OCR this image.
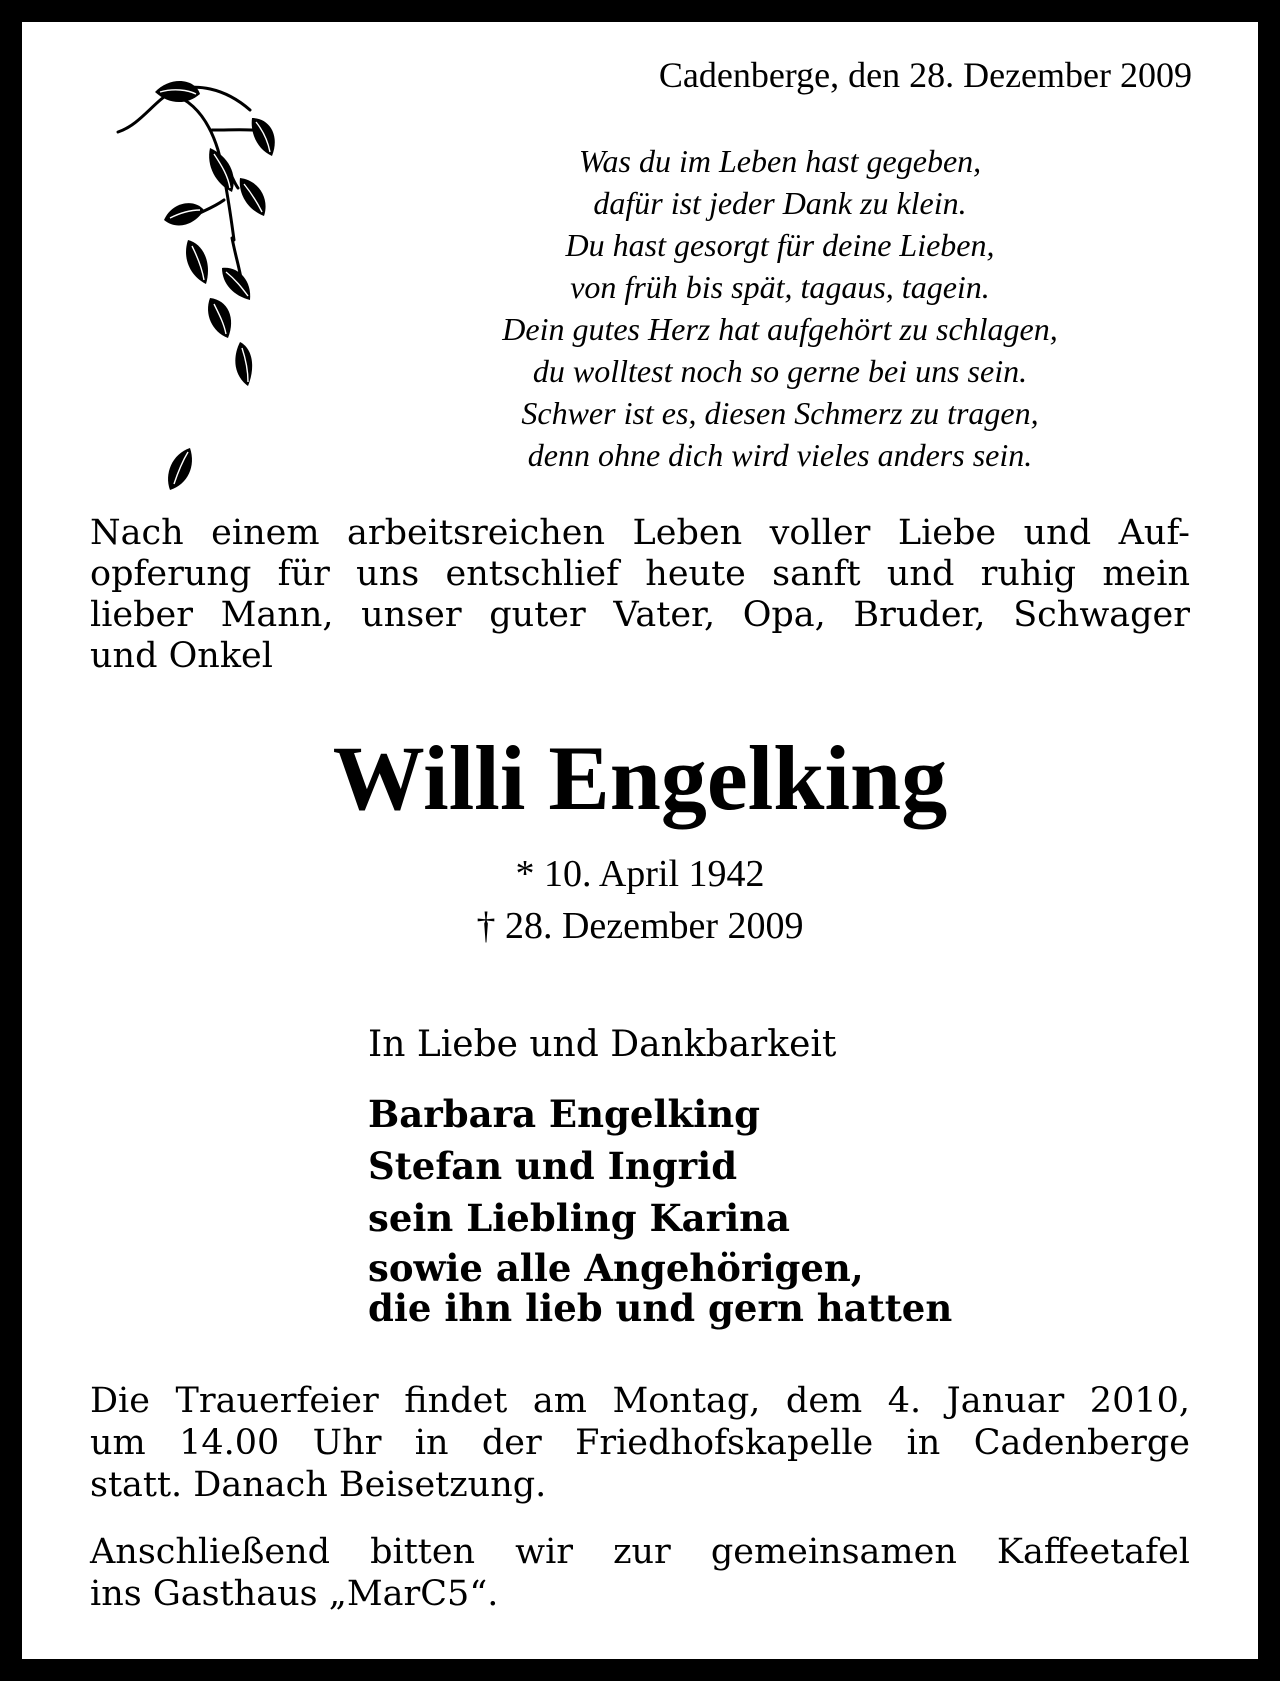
Cadenberge, den 28. Dezember 2009
Was du im Leben hast gegeben,
dafür ist jeder Dank zu klein.
Du hast gesorgt für deine Lieben,
von früh bis spät, tagaus, tagein.
Dein gutes Herz hat aufgehört zu schlagen,
du wolltest noch so gerne bei uns sein.
Schwer ist es, diesen Schmerz zu tragen,
denn ohne dich wird vieles anders sein.
Nach einem arbeitsreichen Leben voller Liebe und Auf-
opferung für uns entschlief heute sanft und ruhig mein
lieber Mann, unser guter Vater, Opa, Bruder, Schwager
und Onkel
Willi Engelking
* 10. April 1942
† 28. Dezember 2009
In Liebe und Dankbarkeit
Barbara Engelking
Stefan und Ingrid
sein Liebling Karina
sowie alle Angehörigen,
die ihn lieb und gern hatten
Die Trauerfeier findet am Montag, dem 4. Januar 2010,
um 14.00 Uhr in der Friedhofskapelle in Cadenberge
statt. Danach Beisetzung.
Anschließend bitten wir zur gemeinsamen Kaffeetafel
ins Gasthaus „MarC5“.
